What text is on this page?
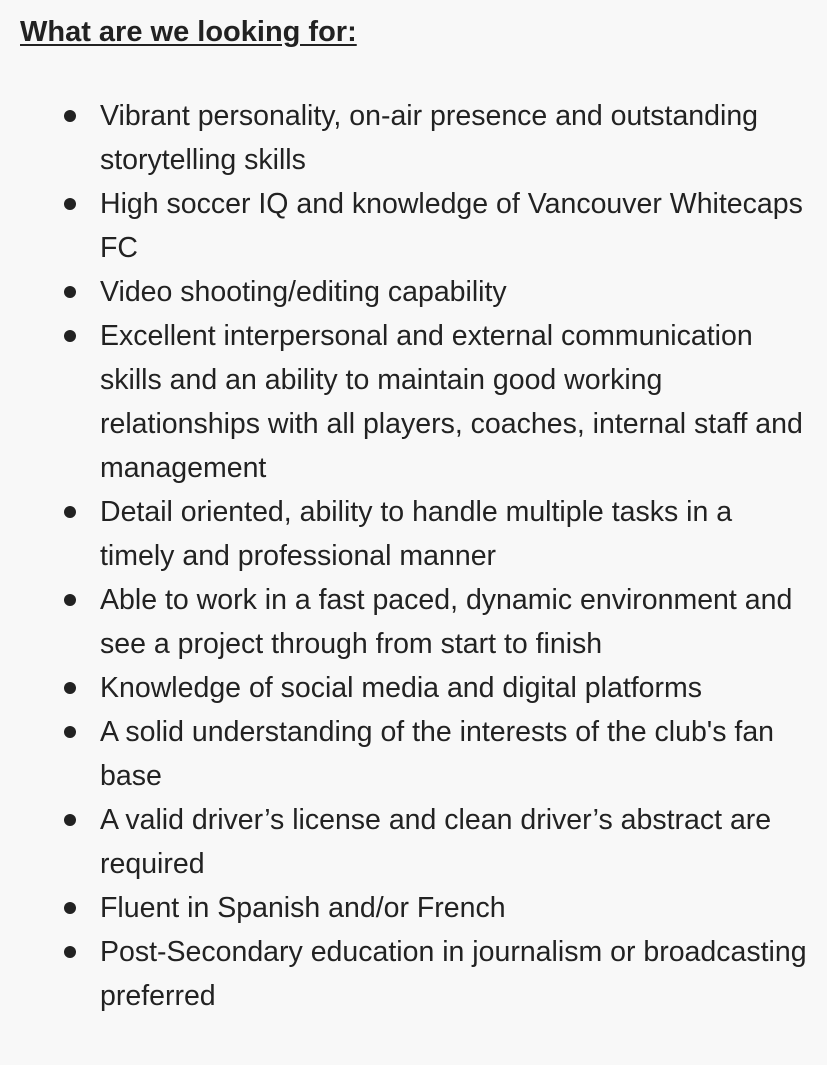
What are we looking for:
Vibrant personality, on-air presence and outstanding storytelling skills
High soccer IQ and knowledge of Vancouver Whitecaps FC
Video shooting/editing capability
Excellent interpersonal and external communication skills and an ability to maintain good working relationships with all players, coaches, internal staff and management
Detail oriented, ability to handle multiple tasks in a timely and professional manner
Able to work in a fast paced, dynamic environment and see a project through from start to finish
Knowledge of social media and digital platforms
A solid understanding of the interests of the club's fan base
A valid driver’s license and clean driver’s abstract are required
Fluent in Spanish and/or French
Post-Secondary education in journalism or broadcasting preferred
